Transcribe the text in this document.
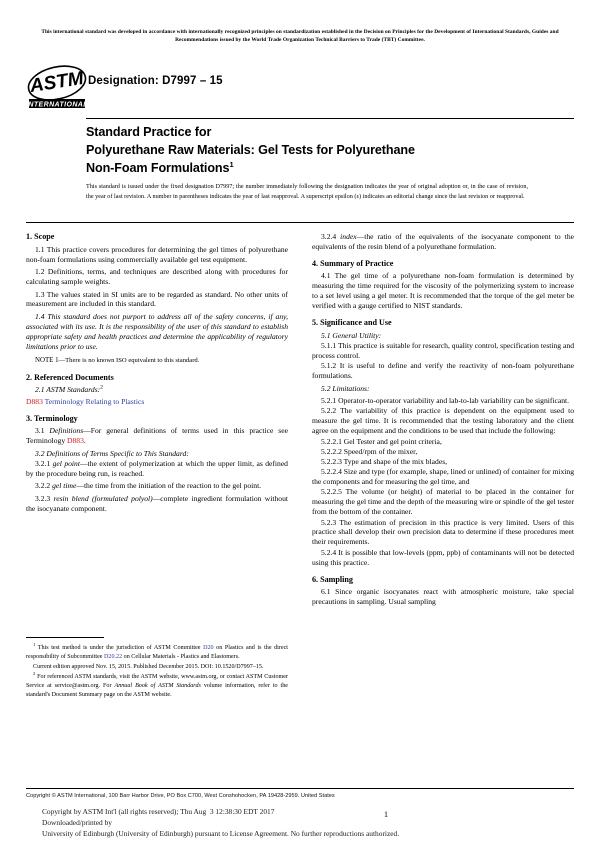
This international standard was developed in accordance with internationally recognized principles on standardization established in the Decision on Principles for the Development of International Standards, Guides and Recommendations issued by the World Trade Organization Technical Barriers to Trade (TBT) Committee.
ASTM
INTERNATIONAL
Designation: D7997 – 15
Standard Practice for
Polyurethane Raw Materials: Gel Tests for Polyurethane
Non-Foam Formulations$^1$
This standard is issued under the fixed designation D7997; the number immediately following the designation indicates the year of original adoption or, in the case of revision, the year of last revision. A number in parentheses indicates the year of last reapproval. A superscript epsilon (ε) indicates an editorial change since the last revision or reapproval.
1. Scope

1.1 This practice covers procedures for determining the gel times of polyurethane non-foam formulations using commercially available gel test equipment.

1.2 Definitions, terms, and techniques are described along with procedures for calculating sample weights.

1.3 The values stated in SI units are to be regarded as standard. No other units of measurement are included in this standard.

1.4 This standard does not purport to address all of the safety concerns, if any, associated with its use. It is the responsibility of the user of this standard to establish appropriate safety and health practices and determine the applicability of regulatory limitations prior to use.

NOTE 1—There is no known ISO equivalent to this standard.

2. Referenced Documents

2.1 ASTM Standards:$^2$

D883 Terminology Relating to Plastics

3. Terminology

3.1 Definitions—For general definitions of terms used in this practice see Terminology D883.

3.2 Definitions of Terms Specific to This Standard:

3.2.1 gel point—the extent of polymerization at which the upper limit, as defined by the procedure being run, is reached.

3.2.2 gel time—the time from the initiation of the reaction to the gel point.

3.2.3 resin blend (formulated polyol)—complete ingredient formulation without the isocyanate component.

$^1$ This test method is under the jurisdiction of ASTM Committee D20 on Plastics and is the direct responsibility of Subcommittee D20.22 on Cellular Materials - Plastics and Elastomers.

Current edition approved Nov. 15, 2015. Published December 2015. DOI: 10.1520/D7997–15.

$^2$ For referenced ASTM standards, visit the ASTM website, www.astm.org, or contact ASTM Customer Service at service@astm.org. For Annual Book of ASTM Standards volume information, refer to the standard's Document Summary page on the ASTM website.

3.2.4 index—the ratio of the equivalents of the isocyanate component to the equivalents of the resin blend of a polyurethane formulation.

4. Summary of Practice

4.1 The gel time of a polyurethane non-foam formulation is determined by measuring the time required for the viscosity of the polymerizing system to increase to a set level using a gel meter. It is recommended that the torque of the gel meter be verified with a gauge certified to NIST standards.

5. Significance and Use

5.1 General Utility:

5.1.1 This practice is suitable for research, quality control, specification testing and process control.

5.1.2 It is useful to define and verify the reactivity of non-foam polyurethane formulations.

5.2 Limitations:

5.2.1 Operator-to-operator variability and lab-to-lab variability can be significant.

5.2.2 The variability of this practice is dependent on the equipment used to measure the gel time. It is recommended that the testing laboratory and the client agree on the equipment and the conditions to be used that include the following:

5.2.2.1 Gel Tester and gel point criteria,

5.2.2.2 Speed/rpm of the mixer,

5.2.2.3 Type and shape of the mix blades,

5.2.2.4 Size and type (for example, shape, lined or unlined) of container for mixing the components and for measuring the gel time, and

5.2.2.5 The volume (or height) of material to be placed in the container for measuring the gel time and the depth of the measuring wire or spindle of the gel tester from the bottom of the container.

5.2.3 The estimation of precision in this practice is very limited. Users of this practice shall develop their own precision data to determine if these procedures meet their requirements.

5.2.4 It is possible that low-levels (ppm, ppb) of contaminants will not be detected using this practice.

6. Sampling

6.1 Since organic isocyanates react with atmospheric moisture, take special precautions in sampling. Usual sampling

Copyright © ASTM International, 100 Barr Harbor Drive, PO Box C700, West Conshohocken, PA 19428-2959. United States
Copyright by ASTM Int'l (all rights reserved); Thu Aug  3 12:38:30 EDT 2017
Downloaded/printed by
University of Edinburgh (University of Edinburgh) pursuant to License Agreement. No further reproductions authorized.
1
